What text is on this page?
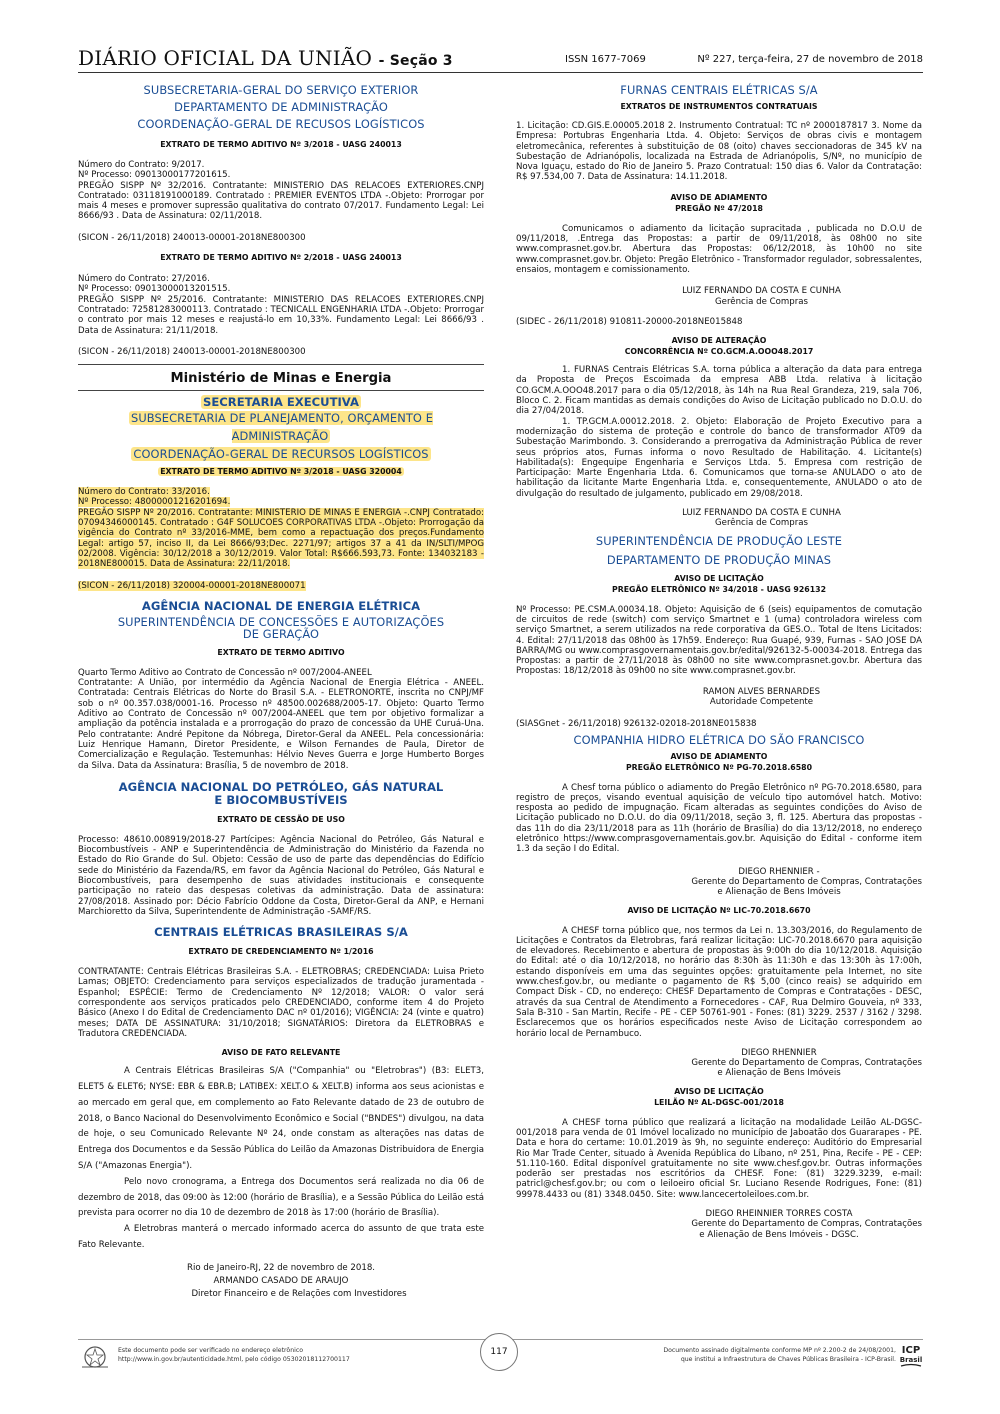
DIÁRIO OFICIAL DA UNIÃO - Seção 3	ISSN 1677-7069	Nº 227, terça-feira, 27 de novembro de 2018

SUBSECRETARIA-GERAL DO SERVIÇO EXTERIOR

DEPARTAMENTO DE ADMINISTRAÇÃO

COORDENAÇÃO-GERAL DE RECUSOS LOGÍSTICOS

EXTRATO DE TERMO ADITIVO Nº 3/2018 - UASG 240013

Número do Contrato: 9/2017.
Nº Processo: 09013000177201615.
PREGÃO SISPP Nº 32/2016. Contratante: MINISTERIO DAS RELACOES EXTERIORES.CNPJ Contratado: 03118191000189. Contratado : PREMIER EVENTOS LTDA -.Objeto: Prorrogar por mais 4 meses e promover supressão qualitativa do contrato 07/2017. Fundamento Legal: Lei 8666/93 . Data de Assinatura: 02/11/2018.

(SICON - 26/11/2018) 240013-00001-2018NE800300

EXTRATO DE TERMO ADITIVO Nº 2/2018 - UASG 240013

Número do Contrato: 27/2016.
Nº Processo: 09013000013201515.
PREGÃO SISPP Nº 25/2016. Contratante: MINISTERIO DAS RELACOES EXTERIORES.CNPJ Contratado: 72581283000113. Contratado : TECNICALL ENGENHARIA LTDA -.Objeto: Prorrogar o contrato por mais 12 meses e reajustá-lo em 10,33%. Fundamento Legal: Lei 8666/93 . Data de Assinatura: 21/11/2018.

(SICON - 26/11/2018) 240013-00001-2018NE800300

Ministério de Minas e Energia

SECRETARIA EXECUTIVA

SUBSECRETARIA DE PLANEJAMENTO, ORÇAMENTO E ADMINISTRAÇÃO

COORDENAÇÃO-GERAL DE RECURSOS LOGÍSTICOS

EXTRATO DE TERMO ADITIVO Nº 3/2018 - UASG 320004

Número do Contrato: 33/2016.
Nº Processo: 48000001216201694.
PREGÃO SISPP Nº 20/2016. Contratante: MINISTERIO DE MINAS E ENERGIA -.CNPJ Contratado: 07094346000145. Contratado : G4F SOLUCOES CORPORATIVAS LTDA -.Objeto: Prorrogação da vigência do Contrato nº 33/2016-MME, bem como a repactuação dos preços.Fundamento Legal: artigo 57, inciso II, da Lei 8666/93;Dec. 2271/97; artigos 37 a 41 da IN/SLTI/MPOG 02/2008. Vigência: 30/12/2018 a 30/12/2019. Valor Total: R$666.593,73. Fonte: 134032183 - 2018NE800015. Data de Assinatura: 22/11/2018.

(SICON - 26/11/2018) 320004-00001-2018NE800071

AGÊNCIA NACIONAL DE ENERGIA ELÉTRICA

SUPERINTENDÊNCIA DE CONCESSÕES E AUTORIZAÇÕES
DE GERAÇÃO

EXTRATO DE TERMO ADITIVO

Quarto Termo Aditivo ao Contrato de Concessão nº 007/2004-ANEEL
Contratante: A União, por intermédio da Agência Nacional de Energia Elétrica - ANEEL. Contratada: Centrais Elétricas do Norte do Brasil S.A. - ELETRONORTE, inscrita no CNPJ/MF sob o nº 00.357.038/0001-16. Processo nº 48500.002688/2005-17. Objeto: Quarto Termo Aditivo ao Contrato de Concessão nº 007/2004-ANEEL que tem por objetivo formalizar a ampliação da potência instalada e a prorrogação do prazo de concessão da UHE Curuá-Una. Pelo contratante: André Pepitone da Nóbrega, Diretor-Geral da ANEEL. Pela concessionária: Luiz Henrique Hamann, Diretor Presidente, e Wilson Fernandes de Paula, Diretor de Comercialização e Regulação. Testemunhas: Hélvio Neves Guerra e Jorge Humberto Borges da Silva. Data da Assinatura: Brasília, 5 de novembro de 2018.

AGÊNCIA NACIONAL DO PETRÓLEO, GÁS NATURAL
E BIOCOMBUSTÍVEIS

EXTRATO DE CESSÃO DE USO

Processo: 48610.008919/2018-27 Partícipes: Agência Nacional do Petróleo, Gás Natural e Biocombustíveis - ANP e Superintendência de Administração do Ministério da Fazenda no Estado do Rio Grande do Sul. Objeto: Cessão de uso de parte das dependências do Edifício sede do Ministério da Fazenda/RS, em favor da Agência Nacional do Petróleo, Gás Natural e Biocombustíveis, para desempenho de suas atividades institucionais e consequente participação no rateio das despesas coletivas da administração. Data de assinatura: 27/08/2018. Assinado por: Décio Fabrício Oddone da Costa, Diretor-Geral da ANP, e Hernani Marchioretto da Silva, Superintendente de Administração -SAMF/RS.

CENTRAIS ELÉTRICAS BRASILEIRAS S/A

EXTRATO DE CREDENCIAMENTO Nº 1/2016

CONTRATANTE: Centrais Elétricas Brasileiras S.A. - ELETROBRAS; CREDENCIADA: Luisa Prieto Lamas; OBJETO: Credenciamento para serviços especializados de tradução juramentada - Espanhol; ESPÉCIE: Termo de Credenciamento Nº 12/2018; VALOR: O valor será correspondente aos serviços praticados pelo CREDENCIADO, conforme item 4 do Projeto Básico (Anexo I do Edital de Credenciamento DAC nº 01/2016); VIGÊNCIA: 24 (vinte e quatro) meses; DATA DE ASSINATURA: 31/10/2018; SIGNATÁRIOS: Diretora da ELETROBRAS e Tradutora CREDENCIADA.

AVISO DE FATO RELEVANTE

A Centrais Elétricas Brasileiras S/A ("Companhia" ou "Eletrobras") (B3: ELET3, ELET5 & ELET6; NYSE: EBR & EBR.B; LATIBEX: XELT.O & XELT.B) informa aos seus acionistas e ao mercado em geral que, em complemento ao Fato Relevante datado de 23 de outubro de 2018, o Banco Nacional do Desenvolvimento Econômico e Social ("BNDES") divulgou, na data de hoje, o seu Comunicado Relevante Nº 24, onde constam as alterações nas datas de Entrega dos Documentos e da Sessão Pública do Leilão da Amazonas Distribuidora de Energia S/A ("Amazonas Energia").

Pelo novo cronograma, a Entrega dos Documentos será realizada no dia 06 de dezembro de 2018, das 09:00 às 12:00 (horário de Brasília), e a Sessão Pública do Leilão está prevista para ocorrer no dia 10 de dezembro de 2018 às 17:00 (horário de Brasília).

A Eletrobras manterá o mercado informado acerca do assunto de que trata este Fato Relevante.

Rio de Janeiro-RJ, 22 de novembro de 2018.

ARMANDO CASADO DE ARAUJO

Diretor Financeiro e de Relações com Investidores

FURNAS CENTRAIS ELÉTRICAS S/A

EXTRATOS DE INSTRUMENTOS CONTRATUAIS

1. Licitação: CD.GIS.E.00005.2018 2. Instrumento Contratual: TC nº 2000187817 3. Nome da Empresa: Portubras Engenharia Ltda. 4. Objeto: Serviços de obras civis e montagem eletromecânica, referentes à substituição de 08 (oito) chaves seccionadoras de 345 kV na Subestação de Adrianópolis, localizada na Estrada de Adrianópolis, S/Nº, no município de Nova Iguaçu, estado do Rio de Janeiro 5. Prazo Contratual: 150 dias 6. Valor da Contratação: R$ 97.534,00 7. Data de Assinatura: 14.11.2018.

AVISO DE ADIAMENTO

PREGÃO Nº 47/2018

Comunicamos o adiamento da licitação supracitada , publicada no D.O.U de 09/11/2018, .Entrega das Propostas: a partir de 09/11/2018, às 08h00 no site www.comprasnet.gov.br. Abertura das Propostas: 06/12/2018, às 10h00 no site www.comprasnet.gov.br. Objeto: Pregão Eletrônico - Transformador regulador, sobressalentes, ensaios, montagem e comissionamento.

LUIZ FERNANDO DA COSTA E CUNHA

Gerência de Compras

(SIDEC - 26/11/2018) 910811-20000-2018NE015848

AVISO DE ALTERAÇÃO

CONCORRÊNCIA Nº CO.GCM.A.OOO48.2017

1. FURNAS Centrais Elétricas S.A. torna pública a alteração da data para entrega da Proposta de Preços Escoimada da empresa ABB Ltda. relativa à licitação CO.GCM.A.OOO48.2017 para o dia 05/12/2018, às 14h na Rua Real Grandeza, 219, sala 706, Bloco C. 2. Ficam mantidas as demais condições do Aviso de Licitação publicado no D.O.U. do dia 27/04/2018.

1. TP.GCM.A.00012.2018. 2. Objeto: Elaboração de Projeto Executivo para a modernização do sistema de proteção e controle do banco de transformador AT09 da Subestação Marimbondo. 3. Considerando a prerrogativa da Administração Pública de rever seus próprios atos, Furnas informa o novo Resultado de Habilitação. 4. Licitante(s) Habilitada(s): Engequipe Engenharia e Serviços Ltda. 5. Empresa com restrição de Participação: Marte Engenharia Ltda. 6. Comunicamos que torna-se ANULADO o ato de habilitação da licitante Marte Engenharia Ltda. e, consequentemente, ANULADO o ato de divulgação do resultado de julgamento, publicado em 29/08/2018.

LUIZ FERNANDO DA COSTA E CUNHA

Gerência de Compras

SUPERINTENDÊNCIA DE PRODUÇÃO LESTE

DEPARTAMENTO DE PRODUÇÃO MINAS

AVISO DE LICITAÇÃO

PREGÃO ELETRÔNICO Nº 34/2018 - UASG 926132

Nº Processo: PE.CSM.A.00034.18. Objeto: Aquisição de 6 (seis) equipamentos de comutação de circuitos de rede (switch) com serviço Smartnet e 1 (uma) controladora wireless com serviço Smartnet, a serem utilizados na rede corporativa da GES.O.. Total de Itens Licitados: 4. Edital: 27/11/2018 das 08h00 às 17h59. Endereço: Rua Guapé, 939, Furnas - SAO JOSE DA BARRA/MG ou www.comprasgovernamentais.gov.br/edital/926132-5-00034-2018. Entrega das Propostas: a partir de 27/11/2018 às 08h00 no site www.comprasnet.gov.br. Abertura das Propostas: 18/12/2018 às 09h00 no site www.comprasnet.gov.br.

RAMON ALVES BERNARDES

Autoridade Competente

(SIASGnet - 26/11/2018) 926132-02018-2018NE015838

COMPANHIA HIDRO ELÉTRICA DO SÃO FRANCISCO

AVISO DE ADIAMENTO

PREGÃO ELETRÔNICO Nº PG-70.2018.6580

A Chesf torna público o adiamento do Pregão Eletrônico nº PG-70.2018.6580, para registro de preços, visando eventual aquisição de veículo tipo automóvel hatch. Motivo: resposta ao pedido de impugnação. Ficam alteradas as seguintes condições do Aviso de Licitação publicado no D.O.U. do dia 09/11/2018, seção 3, fl. 125. Abertura das propostas - das 11h do dia 23/11/2018 para as 11h (horário de Brasília) do dia 13/12/2018, no endereço eletrônico https://www.comprasgovernamentais.gov.br. Aquisição do Edital - conforme item 1.3 da seção I do Edital.

DIEGO RHENNIER -

Gerente do Departamento de Compras, Contratações

e Alienação de Bens Imóveis

AVISO DE LICITAÇÃO Nº LIC-70.2018.6670

A CHESF torna público que, nos termos da Lei n. 13.303/2016, do Regulamento de Licitações e Contratos da Eletrobras, fará realizar licitação: LIC-70.2018.6670 para aquisição de elevadores. Recebimento e abertura de propostas às 9:00h do dia 10/12/2018. Aquisição do Edital: até o dia 10/12/2018, no horário das 8:30h às 11:30h e das 13:30h às 17:00h, estando disponíveis em uma das seguintes opções: gratuitamente pela Internet, no site www.chesf.gov.br, ou mediante o pagamento de R$ 5,00 (cinco reais) se adquirido em Compact Disk - CD, no endereço: CHESF Departamento de Compras e Contratações - DESC, através da sua Central de Atendimento a Fornecedores - CAF, Rua Delmiro Gouveia, nº 333, Sala B-310 - San Martin, Recife - PE - CEP 50761-901 - Fones: (81) 3229. 2537 / 3162 / 3298. Esclarecemos que os horários especificados neste Aviso de Licitação correspondem ao horário local de Pernambuco.

DIEGO RHENNIER

Gerente do Departamento de Compras, Contratações

e Alienação de Bens Imóveis

AVISO DE LICITAÇÃO

LEILÃO Nº AL-DGSC-001/2018

A CHESF torna público que realizará a licitação na modalidade Leilão AL-DGSC-001/2018 para venda de 01 Imóvel localizado no município de Jaboatão dos Guararapes - PE. Data e hora do certame: 10.01.2019 às 9h, no seguinte endereço: Auditório do Empresarial Rio Mar Trade Center, situado à Avenida República do Líbano, nº 251, Pina, Recife - PE - CEP: 51.110-160. Edital disponível gratuitamente no site www.chesf.gov.br. Outras informações poderão ser prestadas nos escritórios da CHESF. Fone: (81) 3229.3239, e-mail: patricl@chesf.gov.br; ou com o leiloeiro oficial Sr. Luciano Resende Rodrigues, Fone: (81) 99978.4433 ou (81) 3348.0450. Site: www.lancecertoleiloes.com.br.

DIEGO RHEINNIER TORRES COSTA

Gerente do Departamento de Compras, Contratações

e Alienação de Bens Imóveis - DGSC.

Este documento pode ser verificado no endereço eletrônico
http://www.in.gov.br/autenticidade.html, pelo código 05302018112700117
117	Documento assinado digitalmente conforme MP nº 2.200-2 de 24/08/2001,
que institui a Infraestrutura de Chaves Públicas Brasileira - ICP-Brasil.
ICP
Brasil
